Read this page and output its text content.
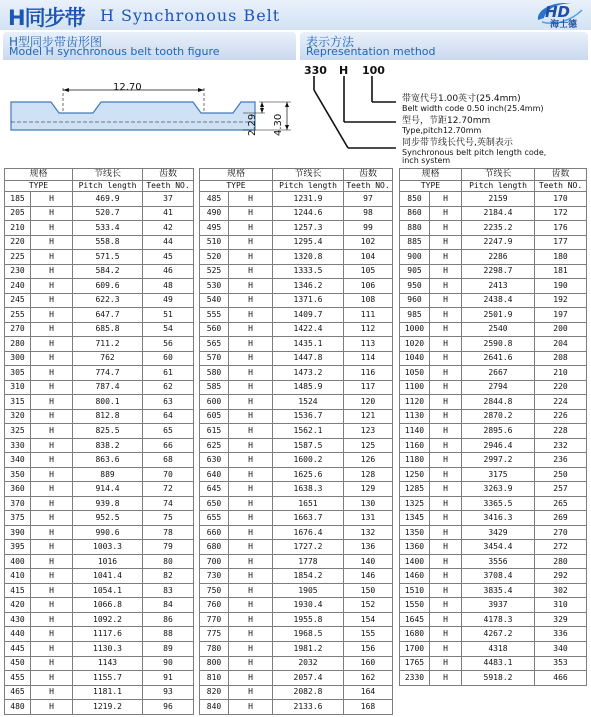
H同步带 H Synchronous Belt	HD
海士德
H型同步带齿形图
Model H synchronous belt tooth figure
12.70
2.29 4.30
表示方法
Representation method
330 H 100
带宽代号1.00英寸(25.4mm)
Belt width code 0.50 inch(25.4mm)
型号，节距12.70mm
Type,pitch12.70mm
同步带节线长代号,英制表示
Synchronous belt pitch length code,
inch system
规格		节线长	齿数
TYPE		Pitch length	Teeth NO.
185	H	469.9	37
205	H	520.7	41
210	H	533.4	42
220	H	558.8	44
225	H	571.5	45
230	H	584.2	46
240	H	609.6	48
245	H	622.3	49
255	H	647.7	51
270	H	685.8	54
280	H	711.2	56
300	H	762	60
305	H	774.7	61
310	H	787.4	62
315	H	800.1	63
320	H	812.8	64
325	H	825.5	65
330	H	838.2	66
340	H	863.6	68
350	H	889	70
360	H	914.4	72
370	H	939.8	74
375	H	952.5	75
390	H	990.6	78
395	H	1003.3	79
400	H	1016	80
410	H	1041.4	82
415	H	1054.1	83
420	H	1066.8	84
430	H	1092.2	86
440	H	1117.6	88
445	H	1130.3	89
450	H	1143	90
455	H	1155.7	91
465	H	1181.1	93
480	H	1219.2	96
规格		节线长	齿数
TYPE		Pitch length	Teeth NO.
485	H	1231.9	97
490	H	1244.6	98
495	H	1257.3	99
510	H	1295.4	102
520	H	1320.8	104
525	H	1333.5	105
530	H	1346.2	106
540	H	1371.6	108
555	H	1409.7	111
560	H	1422.4	112
565	H	1435.1	113
570	H	1447.8	114
580	H	1473.2	116
585	H	1485.9	117
600	H	1524	120
605	H	1536.7	121
615	H	1562.1	123
625	H	1587.5	125
630	H	1600.2	126
640	H	1625.6	128
645	H	1638.3	129
650	H	1651	130
655	H	1663.7	131
660	H	1676.4	132
680	H	1727.2	136
700	H	1778	140
730	H	1854.2	146
750	H	1905	150
760	H	1930.4	152
770	H	1955.8	154
775	H	1968.5	155
780	H	1981.2	156
800	H	2032	160
810	H	2057.4	162
820	H	2082.8	164
840	H	2133.6	168
规格		节线长	齿数
TYPE		Pitch length	Teeth NO.
850	H	2159	170
860	H	2184.4	172
880	H	2235.2	176
885	H	2247.9	177
900	H	2286	180
905	H	2298.7	181
950	H	2413	190
960	H	2438.4	192
985	H	2501.9	197
1000	H	2540	200
1020	H	2590.8	204
1040	H	2641.6	208
1050	H	2667	210
1100	H	2794	220
1120	H	2844.8	224
1130	H	2870.2	226
1140	H	2895.6	228
1160	H	2946.4	232
1180	H	2997.2	236
1250	H	3175	250
1285	H	3263.9	257
1325	H	3365.5	265
1345	H	3416.3	269
1350	H	3429	270
1360	H	3454.4	272
1400	H	3556	280
1460	H	3708.4	292
1510	H	3835.4	302
1550	H	3937	310
1645	H	4178.3	329
1680	H	4267.2	336
1700	H	4318	340
1765	H	4483.1	353
2330	H	5918.2	466
